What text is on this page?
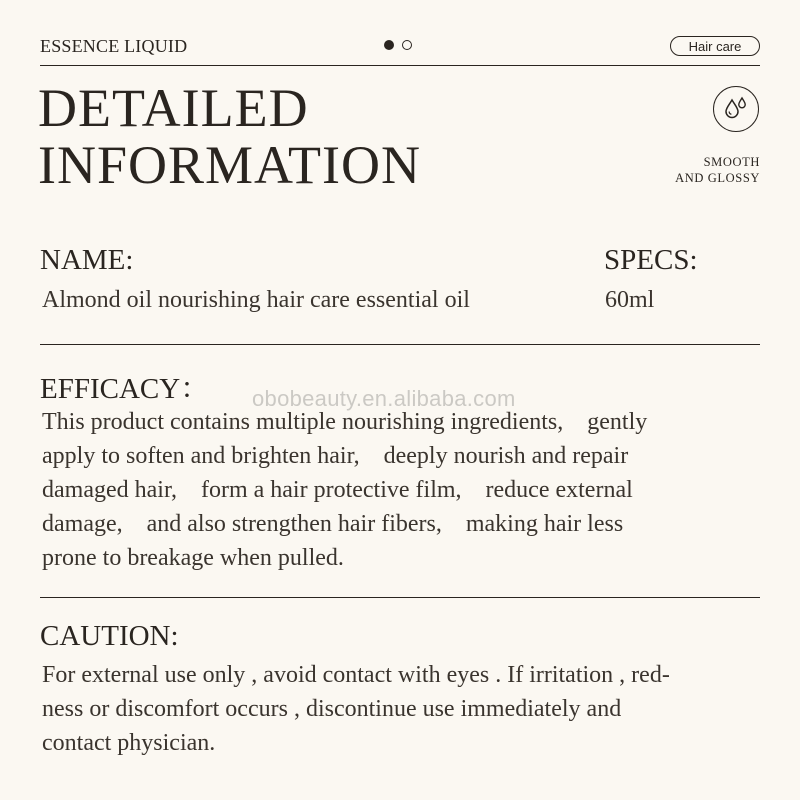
ESSENCE LIQUID	Hair care
DETAILED
INFORMATION	SMOOTH
AND GLOSSY
NAME:
Almond oil nourishing hair care essential oil
SPECS:
60ml
EFFICACY：
This product contains multiple nourishing ingredients,　gently
apply to soften and brighten hair,　deeply nourish and repair
damaged hair,　form a hair protective film,　reduce external
damage,　and also strengthen hair fibers,　making hair less
prone to breakage when pulled.
obobeauty.en.alibaba.com
CAUTION:
For external use only , avoid contact with eyes . If irritation , red-
ness or discomfort occurs , discontinue use immediately and
contact physician.
